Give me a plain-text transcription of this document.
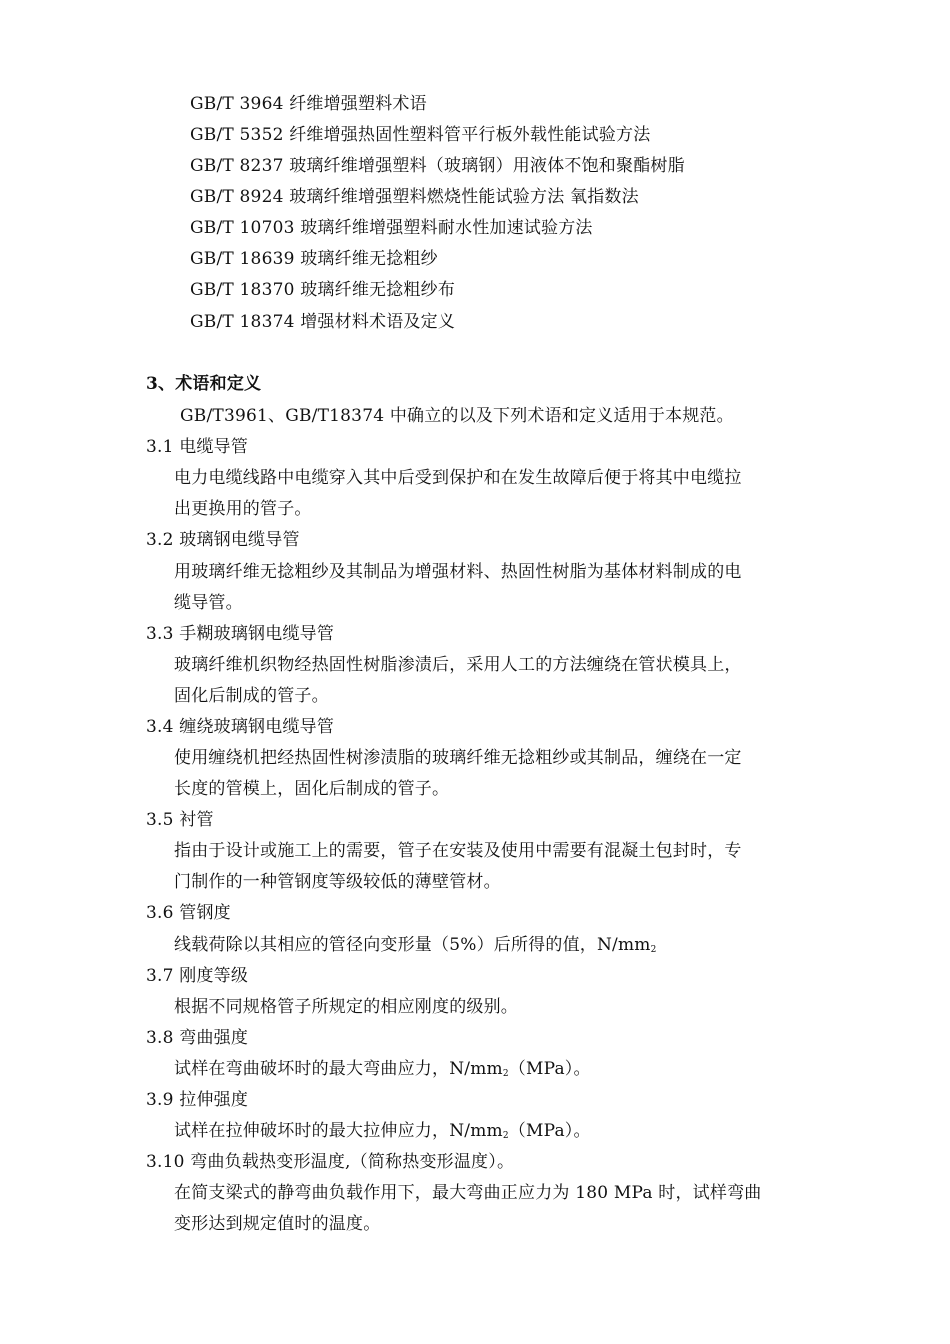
GB/T 3964 纤维增强塑料术语
GB/T 5352 纤维增强热固性塑料管平行板外载性能试验方法
GB/T 8237 玻璃纤维增强塑料（玻璃钢）用液体不饱和聚酯树脂
GB/T 8924 玻璃纤维增强塑料燃烧性能试验方法 氧指数法
GB/T 10703 玻璃纤维增强塑料耐水性加速试验方法
GB/T 18639 玻璃纤维无捻粗纱
GB/T 18370 玻璃纤维无捻粗纱布
GB/T 18374 增强材料术语及定义
3、术语和定义
GB/T3961、GB/T18374 中确立的以及下列术语和定义适用于本规范。
3.1 电缆导管
电力电缆线路中电缆穿入其中后受到保护和在发生故障后便于将其中电缆拉
出更换用的管子。
3.2 玻璃钢电缆导管
用玻璃纤维无捻粗纱及其制品为增强材料、热固性树脂为基体材料制成的电
缆导管。
3.3 手糊玻璃钢电缆导管
玻璃纤维机织物经热固性树脂渗渍后，采用人工的方法缠绕在管状模具上，
固化后制成的管子。
3.4 缠绕玻璃钢电缆导管
使用缠绕机把经热固性树渗渍脂的玻璃纤维无捻粗纱或其制品，缠绕在一定
长度的管模上，固化后制成的管子。
3.5 衬管
指由于设计或施工上的需要，管子在安装及使用中需要有混凝土包封时，专
门制作的一种管钢度等级较低的薄壁管材。
3.6 管钢度
线载荷除以其相应的管径向变形量（5%）后所得的值，N/mm2
3.7 刚度等级
根据不同规格管子所规定的相应刚度的级别。
3.8 弯曲强度
试样在弯曲破坏时的最大弯曲应力，N/mm2（MPa）。
3.9 拉伸强度
试样在拉伸破坏时的最大拉伸应力，N/mm2（MPa）。
3.10 弯曲负载热变形温度,（简称热变形温度）。
在简支梁式的静弯曲负载作用下，最大弯曲正应力为 180 MPa 时，试样弯曲
变形达到规定值时的温度。
